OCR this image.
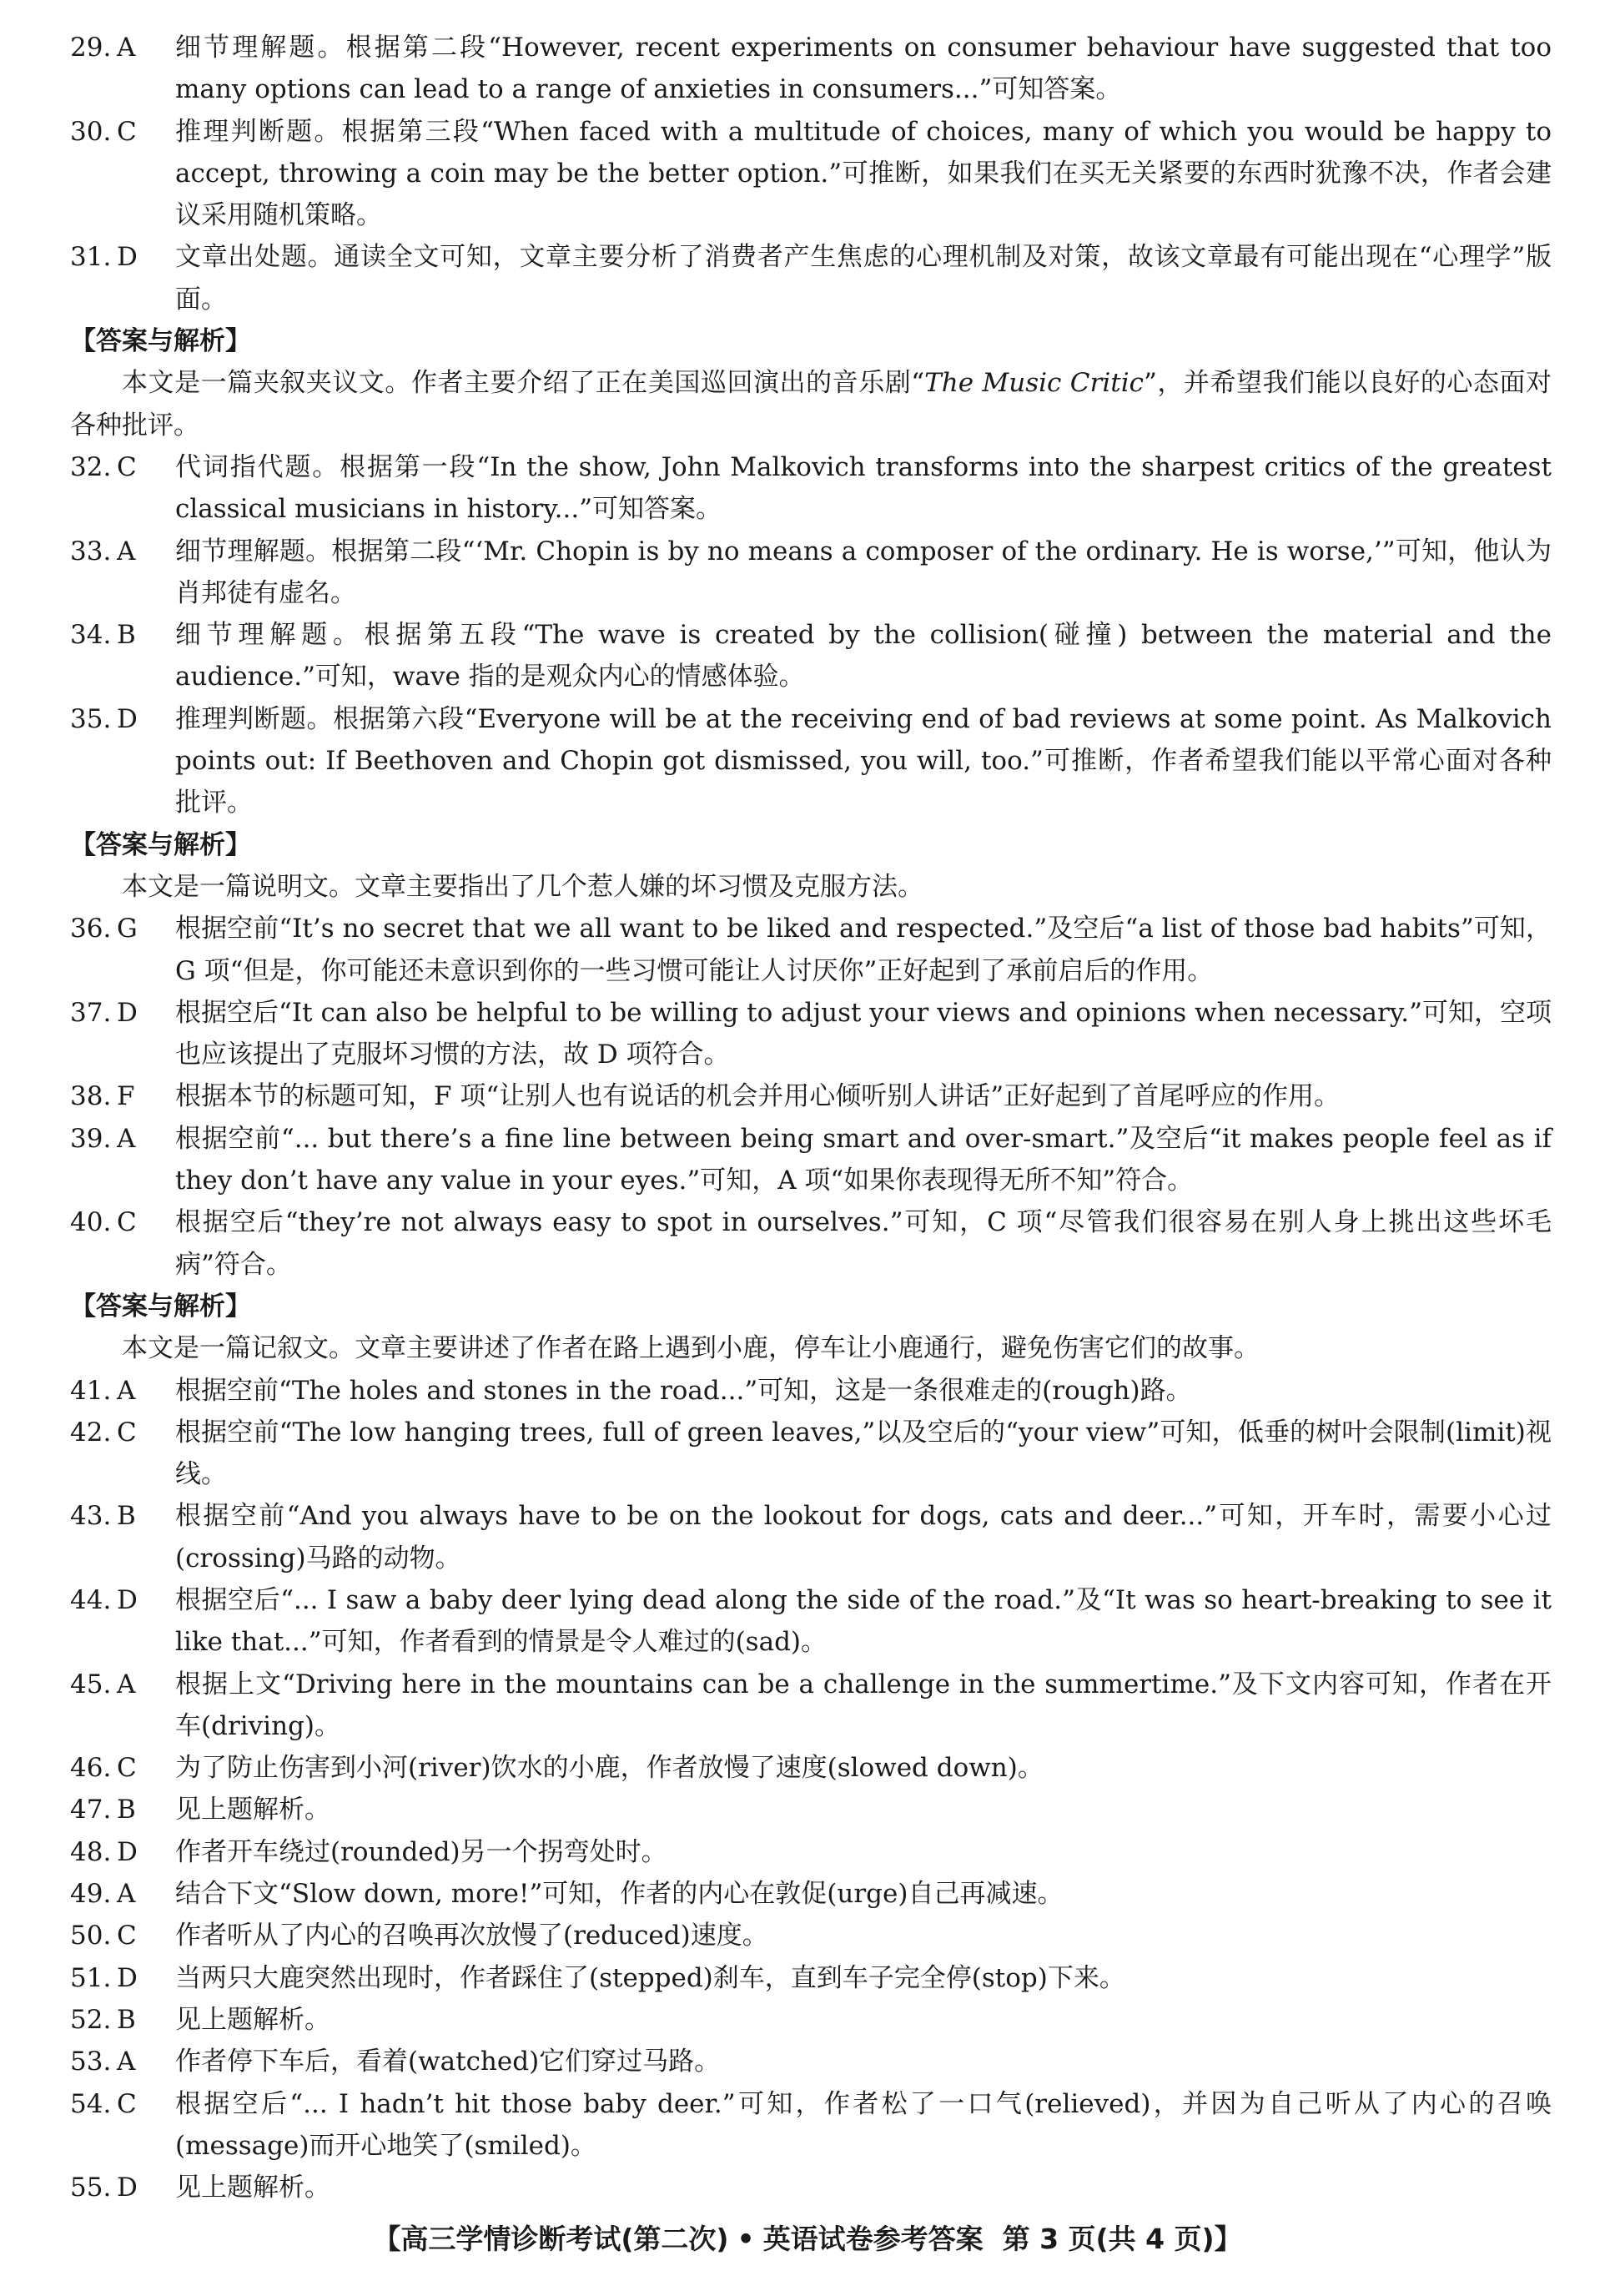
29. A	细节理解题。根据第二段“However, recent experiments on consumer behaviour have suggested that too many options can lead to a range of anxieties in consumers...”可知答案。
30. C	推理判断题。根据第三段“When faced with a multitude of choices, many of which you would be happy to accept, throwing a coin may be the better option.”可推断，如果我们在买无关紧要的东西时犹豫不决，作者会建议采用随机策略。
31. D	文章出处题。通读全文可知，文章主要分析了消费者产生焦虑的心理机制及对策，故该文章最有可能出现在“心理学”版面。
【答案与解析】
本文是一篇夹叙夹议文。作者主要介绍了正在美国巡回演出的音乐剧“The Music Critic”，并希望我们能以良好的心态面对各种批评。
32. C	代词指代题。根据第一段“In the show, John Malkovich transforms into the sharpest critics of the greatest classical musicians in history...”可知答案。
33. A	细节理解题。根据第二段“‘Mr. Chopin is by no means a composer of the ordinary. He is worse,’”可知，他认为肖邦徒有虚名。
34. B	细节理解题。根据第五段“The wave is created by the collision(碰撞) between the material and the audience.”可知，wave 指的是观众内心的情感体验。
35. D	推理判断题。根据第六段“Everyone will be at the receiving end of bad reviews at some point. As Malkovich points out: If Beethoven and Chopin got dismissed, you will, too.”可推断，作者希望我们能以平常心面对各种批评。
【答案与解析】
本文是一篇说明文。文章主要指出了几个惹人嫌的坏习惯及克服方法。
36. G	根据空前“It’s no secret that we all want to be liked and respected.”及空后“a list of those bad habits”可知，G 项“但是，你可能还未意识到你的一些习惯可能让人讨厌你”正好起到了承前启后的作用。
37. D	根据空后“It can also be helpful to be willing to adjust your views and opinions when necessary.”可知，空项也应该提出了克服坏习惯的方法，故 D 项符合。
38. F	根据本节的标题可知，F 项“让别人也有说话的机会并用心倾听别人讲话”正好起到了首尾呼应的作用。
39. A	根据空前“... but there’s a fine line between being smart and over-smart.”及空后“it makes people feel as if they don’t have any value in your eyes.”可知，A 项“如果你表现得无所不知”符合。
40. C	根据空后“they’re not always easy to spot in ourselves.”可知，C 项“尽管我们很容易在别人身上挑出这些坏毛病”符合。
【答案与解析】
本文是一篇记叙文。文章主要讲述了作者在路上遇到小鹿，停车让小鹿通行，避免伤害它们的故事。
41. A	根据空前“The holes and stones in the road...”可知，这是一条很难走的(rough)路。
42. C	根据空前“The low hanging trees, full of green leaves,”以及空后的“your view”可知，低垂的树叶会限制(limit)视线。
43. B	根据空前“And you always have to be on the lookout for dogs, cats and deer...”可知，开车时，需要小心过(crossing)马路的动物。
44. D	根据空后“... I saw a baby deer lying dead along the side of the road.”及“It was so heart-breaking to see it like that...”可知，作者看到的情景是令人难过的(sad)。
45. A	根据上文“Driving here in the mountains can be a challenge in the summertime.”及下文内容可知，作者在开车(driving)。
46. C	为了防止伤害到小河(river)饮水的小鹿，作者放慢了速度(slowed down)。
47. B	见上题解析。
48. D	作者开车绕过(rounded)另一个拐弯处时。
49. A	结合下文“Slow down, more!”可知，作者的内心在敦促(urge)自己再减速。
50. C	作者听从了内心的召唤再次放慢了(reduced)速度。
51. D	当两只大鹿突然出现时，作者踩住了(stepped)刹车，直到车子完全停(stop)下来。
52. B	见上题解析。
53. A	作者停下车后，看着(watched)它们穿过马路。
54. C	根据空后“... I hadn’t hit those baby deer.”可知，作者松了一口气(relieved)，并因为自己听从了内心的召唤(message)而开心地笑了(smiled)。
55. D	见上题解析。
【高三学情诊断考试(第二次) • 英语试卷参考答案 第 3 页(共 4 页)】
